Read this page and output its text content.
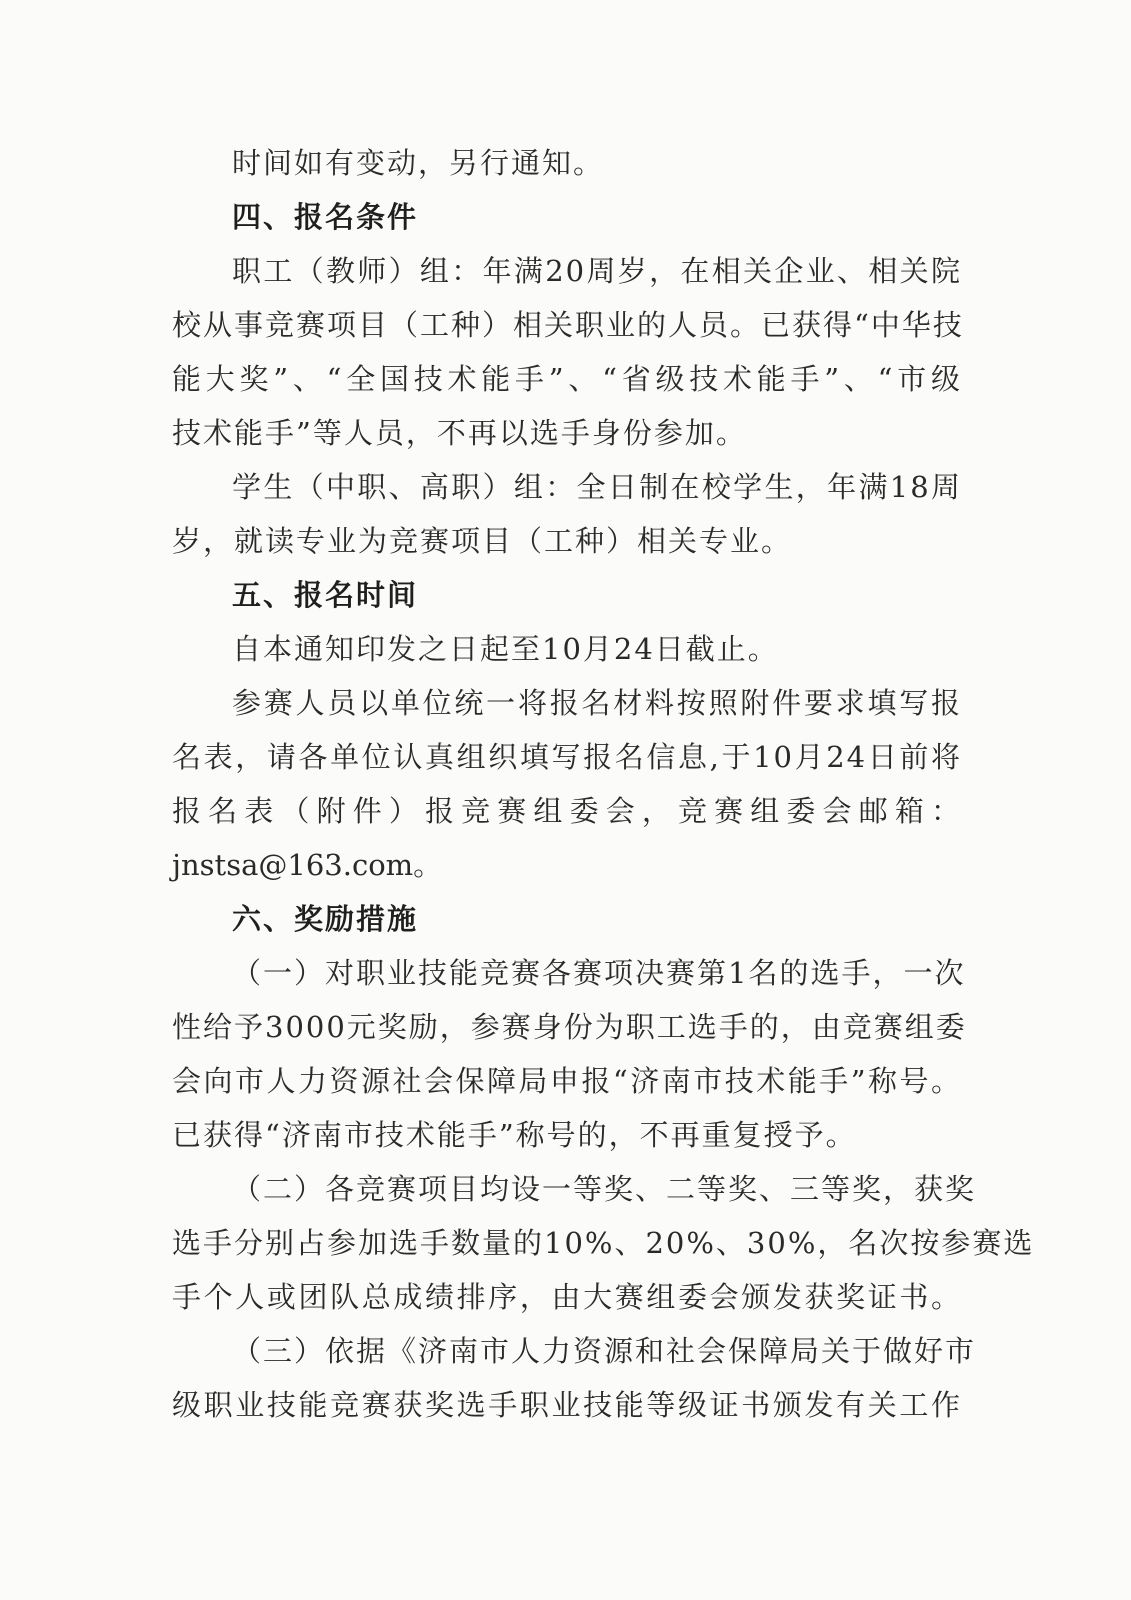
时间如有变动，另行通知。
四、报名条件
职工（教师）组：年满20周岁，在相关企业、相关院
校从事竞赛项目（工种）相关职业的人员。已获得“中华技
能大奖”、“全国技术能手”、“省级技术能手”、“市级
技术能手”等人员，不再以选手身份参加。
学生（中职、高职）组：全日制在校学生，年满18周
岁，就读专业为竞赛项目（工种）相关专业。
五、报名时间
自本通知印发之日起至10月24日截止。
参赛人员以单位统一将报名材料按照附件要求填写报
名表，请各单位认真组织填写报名信息,于10月24日前将
报名表（附件）报竞赛组委会，竞赛组委会邮箱：
jnstsa@163.com。
六、奖励措施
（一）对职业技能竞赛各赛项决赛第1名的选手，一次
性给予3000元奖励，参赛身份为职工选手的，由竞赛组委
会向市人力资源社会保障局申报“济南市技术能手”称号。
已获得“济南市技术能手”称号的，不再重复授予。
（二）各竞赛项目均设一等奖、二等奖、三等奖，获奖
选手分别占参加选手数量的10%、20%、30%，名次按参赛选
手个人或团队总成绩排序，由大赛组委会颁发获奖证书。
（三）依据《济南市人力资源和社会保障局关于做好市
级职业技能竞赛获奖选手职业技能等级证书颁发有关工作
